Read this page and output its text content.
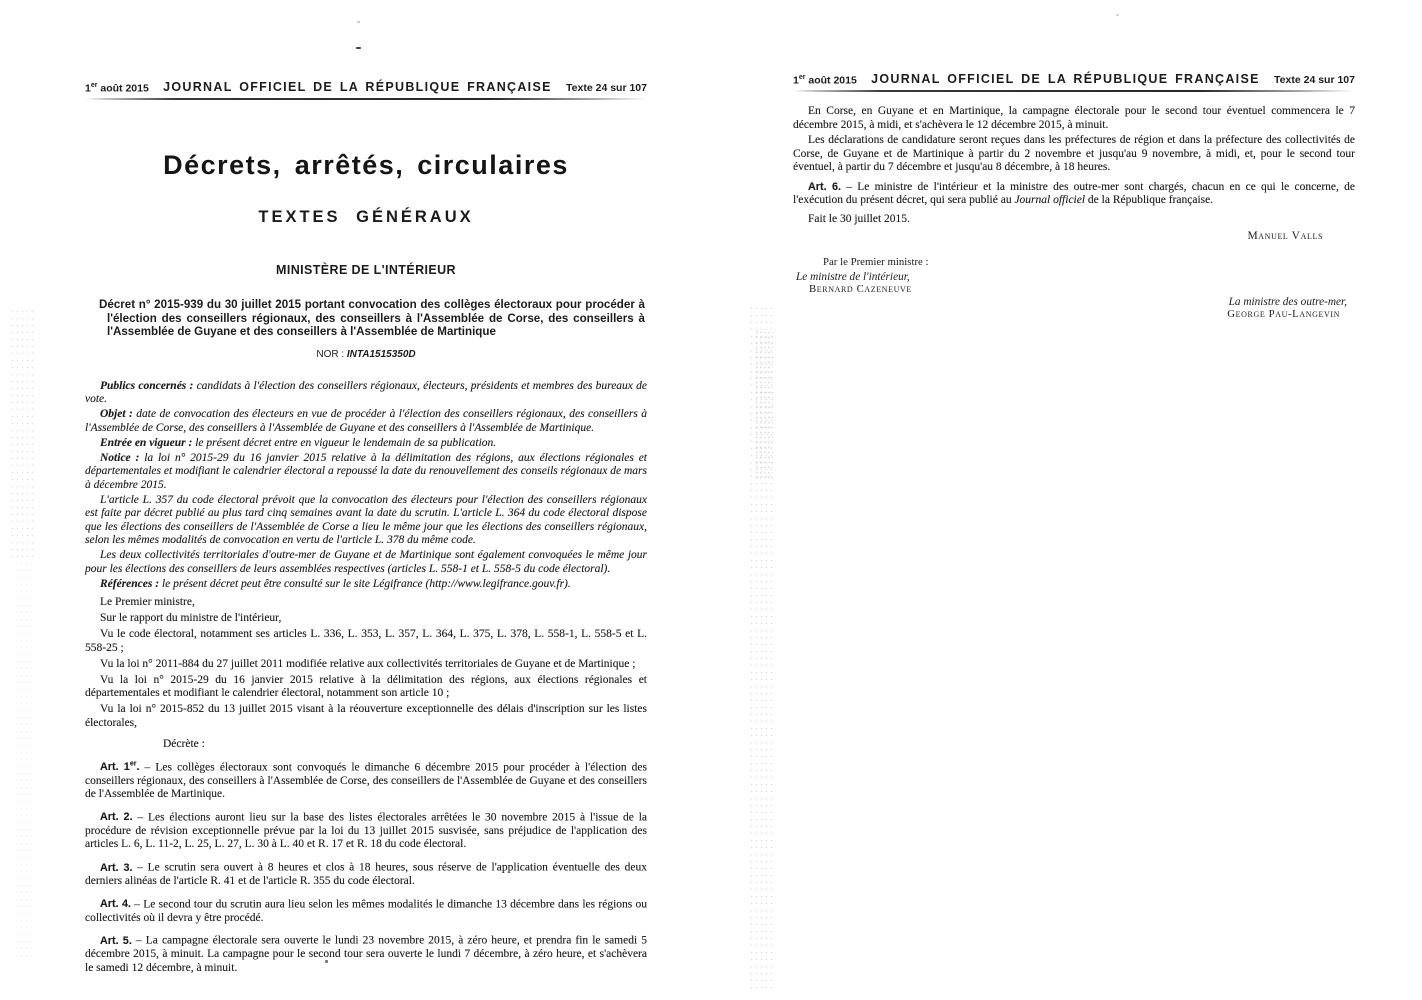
1er août 2015 JOURNAL OFFICIEL DE LA RÉPUBLIQUE FRANÇAISE Texte 24 sur 107
Décrets, arrêtés, circulaires
TEXTES GÉNÉRAUX
MINISTÈRE DE L'INTÉRIEUR
Décret n° 2015-939 du 30 juillet 2015 portant convocation des collèges électoraux pour procéder à l'élection des conseillers régionaux, des conseillers à l'Assemblée de Corse, des conseillers à l'Assemblée de Guyane et des conseillers à l'Assemblée de Martinique
NOR : INTA1515350D

Publics concernés : candidats à l'élection des conseillers régionaux, électeurs, présidents et membres des bureaux de vote.

Objet : date de convocation des électeurs en vue de procéder à l'élection des conseillers régionaux, des conseillers à l'Assemblée de Corse, des conseillers à l'Assemblée de Guyane et des conseillers à l'Assemblée de Martinique.

Entrée en vigueur : le présent décret entre en vigueur le lendemain de sa publication.

Notice : la loi n° 2015-29 du 16 janvier 2015 relative à la délimitation des régions, aux élections régionales et départementales et modifiant le calendrier électoral a repoussé la date du renouvellement des conseils régionaux de mars à décembre 2015.

L'article L. 357 du code électoral prévoit que la convocation des électeurs pour l'élection des conseillers régionaux est faite par décret publié au plus tard cinq semaines avant la date du scrutin. L'article L. 364 du code électoral dispose que les élections des conseillers de l'Assemblée de Corse a lieu le même jour que les élections des conseillers régionaux, selon les mêmes modalités de convocation en vertu de l'article L. 378 du même code.

Les deux collectivités territoriales d'outre-mer de Guyane et de Martinique sont également convoquées le même jour pour les élections des conseillers de leurs assemblées respectives (articles L. 558-1 et L. 558-5 du code électoral).

Références : le présent décret peut être consulté sur le site Légifrance (http://www.legifrance.gouv.fr).

Le Premier ministre,

Sur le rapport du ministre de l'intérieur,

Vu le code électoral, notamment ses articles L. 336, L. 353, L. 357, L. 364, L. 375, L. 378, L. 558-1, L. 558-5 et L. 558-25 ;

Vu la loi n° 2011-884 du 27 juillet 2011 modifiée relative aux collectivités territoriales de Guyane et de Martinique ;

Vu la loi n° 2015-29 du 16 janvier 2015 relative à la délimitation des régions, aux élections régionales et départementales et modifiant le calendrier électoral, notamment son article 10 ;

Vu la loi n° 2015-852 du 13 juillet 2015 visant à la réouverture exceptionnelle des délais d'inscription sur les listes électorales,

Décrète :

Art. 1er. – Les collèges électoraux sont convoqués le dimanche 6 décembre 2015 pour procéder à l'élection des conseillers régionaux, des conseillers à l'Assemblée de Corse, des conseillers de l'Assemblée de Guyane et des conseillers de l'Assemblée de Martinique.

Art. 2. – Les élections auront lieu sur la base des listes électorales arrêtées le 30 novembre 2015 à l'issue de la procédure de révision exceptionnelle prévue par la loi du 13 juillet 2015 susvisée, sans préjudice de l'application des articles L. 6, L. 11-2, L. 25, L. 27, L. 30 à L. 40 et R. 17 et R. 18 du code électoral.

Art. 3. – Le scrutin sera ouvert à 8 heures et clos à 18 heures, sous réserve de l'application éventuelle des deux derniers alinéas de l'article R. 41 et de l'article R. 355 du code électoral.

Art. 4. – Le second tour du scrutin aura lieu selon les mêmes modalités le dimanche 13 décembre dans les régions ou collectivités où il devra y être procédé.

Art. 5. – La campagne électorale sera ouverte le lundi 23 novembre 2015, à zéro heure, et prendra fin le samedi 5 décembre 2015, à minuit. La campagne pour le second tour sera ouverte le lundi 7 décembre, à zéro heure, et s'achèvera le samedi 12 décembre, à minuit.

1er août 2015 JOURNAL OFFICIEL DE LA RÉPUBLIQUE FRANÇAISE Texte 24 sur 107

En Corse, en Guyane et en Martinique, la campagne électorale pour le second tour éventuel commencera le 7 décembre 2015, à midi, et s'achèvera le 12 décembre 2015, à minuit.

Les déclarations de candidature seront reçues dans les préfectures de région et dans la préfecture des collectivités de Corse, de Guyane et de Martinique à partir du 2 novembre et jusqu'au 9 novembre, à midi, et, pour le second tour éventuel, à partir du 7 décembre et jusqu'au 8 décembre, à 18 heures.

Art. 6. – Le ministre de l'intérieur et la ministre des outre-mer sont chargés, chacun en ce qui le concerne, de l'exécution du présent décret, qui sera publié au Journal officiel de la République française.

Fait le 30 juillet 2015.

Manuel Valls
Par le Premier ministre :
Le ministre de l'intérieur,
Bernard Cazeneuve
La ministre des outre-mer,
George Pau-Langevin
